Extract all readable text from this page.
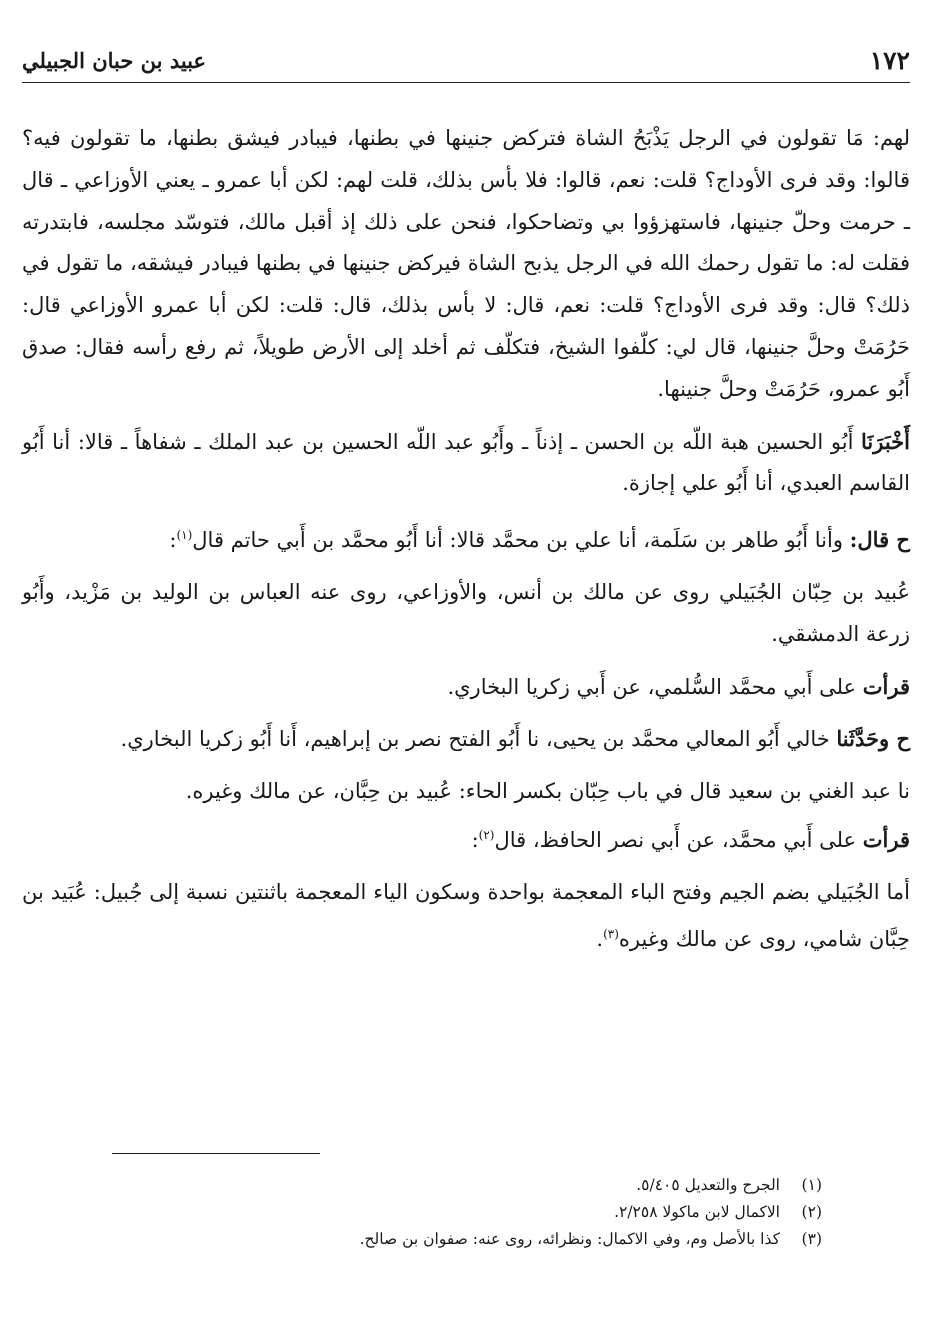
١٧٢
عبيد بن حبان الجبيلي

لهم: مَا تقولون في الرجل يَذْبَحُ الشاة فتركض جنينها في بطنها، فيبادر فيشق بطنها، ما تقولون فيه؟ قالوا: وقد فرى الأوداج؟ قلت: نعم، قالوا: فلا بأس بذلك، قلت لهم: لكن أبا عمرو ـ يعني الأوزاعي ـ قال ـ حرمت وحلّ جنينها، فاستهزؤوا بي وتضاحكوا، فنحن على ذلك إذ أقبل مالك، فتوسّد مجلسه، فابتدرته فقلت له: ما تقول رحمك الله في الرجل يذبح الشاة فيركض جنينها في بطنها فيبادر فيشقه، ما تقول في ذلك؟ قال: وقد فرى الأوداج؟ قلت: نعم، قال: لا بأس بذلك، قال: قلت: لكن أبا عمرو الأوزاعي قال: حَرُمَتْ وحلَّ جنينها، قال لي: كلّفوا الشيخ، فتكلّف ثم أخلد إلى الأرض طويلاً، ثم رفع رأسه فقال: صدق أَبُو عمرو، حَرُمَتْ وحلَّ جنينها.

أَخْبَرَنَا أَبُو الحسين هبة اللّه بن الحسن ـ إذناً ـ وأَبُو عبد اللّه الحسين بن عبد الملك ـ شفاهاً ـ قالا: أنا أَبُو القاسم العبدي، أنا أَبُو علي إجازة.

ح قال: وأنا أَبُو طاهر بن سَلَمة، أنا علي بن محمَّد قالا: أنا أَبُو محمَّد بن أَبي حاتم قال$^{(١)}$:

عُبيد بن حِبّان الجُبَيلي روى عن مالك بن أنس، والأوزاعي، روى عنه العباس بن الوليد بن مَزْيد، وأَبُو زرعة الدمشقي.

قرأت على أَبي محمَّد السُّلمي، عن أَبي زكريا البخاري.

ح وحَدَّثَنا خالي أَبُو المعالي محمَّد بن يحيى، نا أَبُو الفتح نصر بن إبراهيم، أَنا أَبُو زكريا البخاري.

نا عبد الغني بن سعيد قال في باب حِبّان بكسر الحاء: عُبيد بن حِبَّان، عن مالك وغيره.

قرأت على أَبي محمَّد، عن أَبي نصر الحافظ، قال$^{(٢)}$:

أما الجُبَيلي بضم الجيم وفتح الباء المعجمة بواحدة وسكون الياء المعجمة باثنتين نسبة إلى جُبيل: عُبَيد بن حِبَّان شامي، روى عن مالك وغيره$^{(٣)}$.

(١)الجرح والتعديل ٥/٤٠٥.
(٢)الاكمال لابن ماكولا ٢/٢٥٨.
(٣)كذا بالأصل وم، وفي الاكمال: ونظرائه، روى عنه: صفوان بن صالح.
